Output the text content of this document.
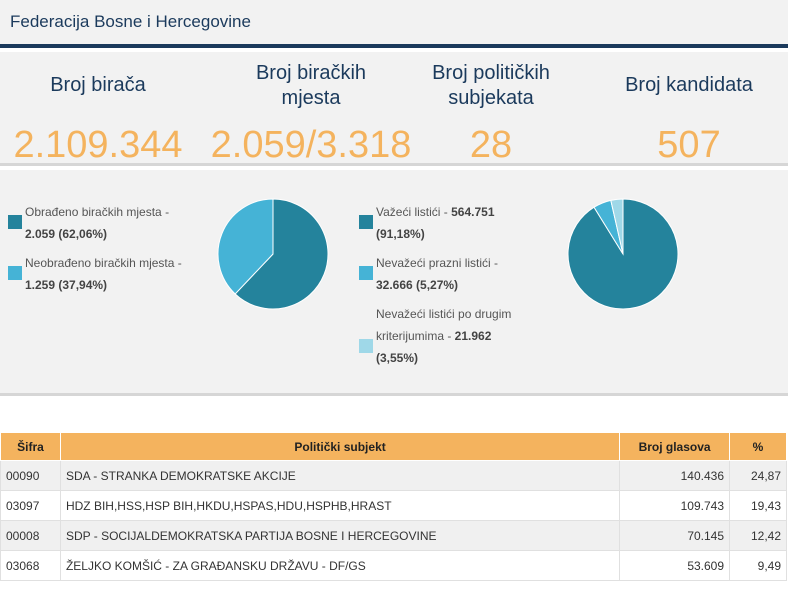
Federacija Bosne i Hercegovine
Broj birača
2.109.344
Broj biračkih
mjesta
2.059/3.318
Broj političkih
subjekata
28
Broj kandidata
507
Obrađeno biračkih mjesta -
2.059 (62,06%)
Neobrađeno biračkih mjesta -
1.259 (37,94%)
Važeći listići - 564.751
(91,18%)
Nevažeći prazni listići -
32.666 (5,27%)
Nevažeći listići po drugim
kriterijumima - 21.962
(3,55%)
Šifra	Politički subjekt	Broj glasova	%
00090	SDA - STRANKA DEMOKRATSKE AKCIJE	140.436	24,87
03097	HDZ BIH,HSS,HSP BIH,HKDU,HSPAS,HDU,HSPHB,HRAST	109.743	19,43
00008	SDP - SOCIJALDEMOKRATSKA PARTIJA BOSNE I HERCEGOVINE	70.145	12,42
03068	ŽELJKO KOMŠIĆ - ZA GRAĐANSKU DRŽAVU - DF/GS	53.609	9,49
